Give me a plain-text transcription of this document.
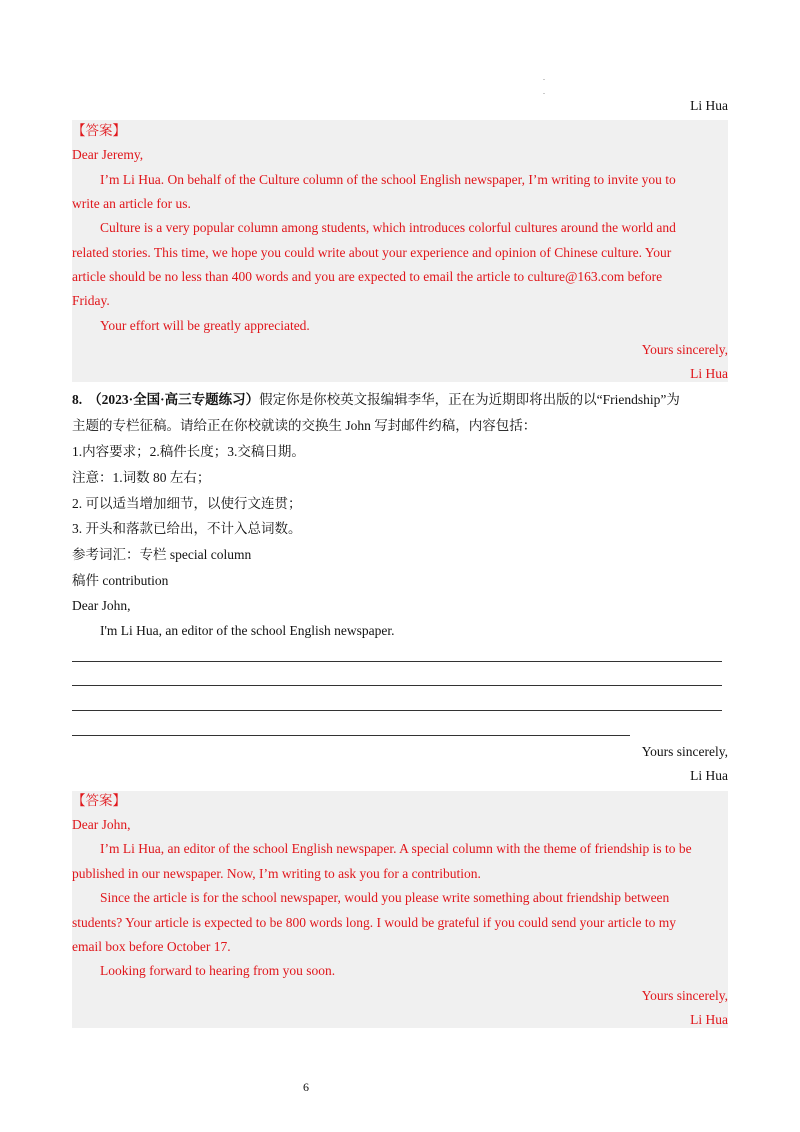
.
.
Li Hua
【答案】
Dear Jeremy,
I’m Li Hua. On behalf of the Culture column of the school English newspaper, I’m writing to invite you to
write an article for us.
Culture is a very popular column among students, which introduces colorful cultures around the world and
related stories. This time, we hope you could write about your experience and opinion of Chinese culture. Your
article should be no less than 400 words and you are expected to email the article to culture@163.com before
Friday.
Your effort will be greatly appreciated.
Yours sincerely,
Li Hua
8. （2023·全国·高三专题练习）假定你是你校英文报编辑李华，正在为近期即将出版的以“Friendship”为
主题的专栏征稿。请给正在你校就读的交换生 John 写封邮件约稿，内容包括：
1.内容要求；2.稿件长度；3.交稿日期。
注意：1.词数 80 左右；
2. 可以适当增加细节，以使行文连贯；
3. 开头和落款已给出，不计入总词数。
参考词汇：专栏 special column
稿件 contribution
Dear John,
I'm Li Hua, an editor of the school English newspaper.
Yours sincerely,
Li Hua
【答案】
Dear John,
I’m Li Hua, an editor of the school English newspaper. A special column with the theme of friendship is to be
published in our newspaper. Now, I’m writing to ask you for a contribution.
Since the article is for the school newspaper, would you please write something about friendship between
students? Your article is expected to be 800 words long. I would be grateful if you could send your article to my
email box before October 17.
Looking forward to hearing from you soon.
Yours sincerely,
Li Hua
6
